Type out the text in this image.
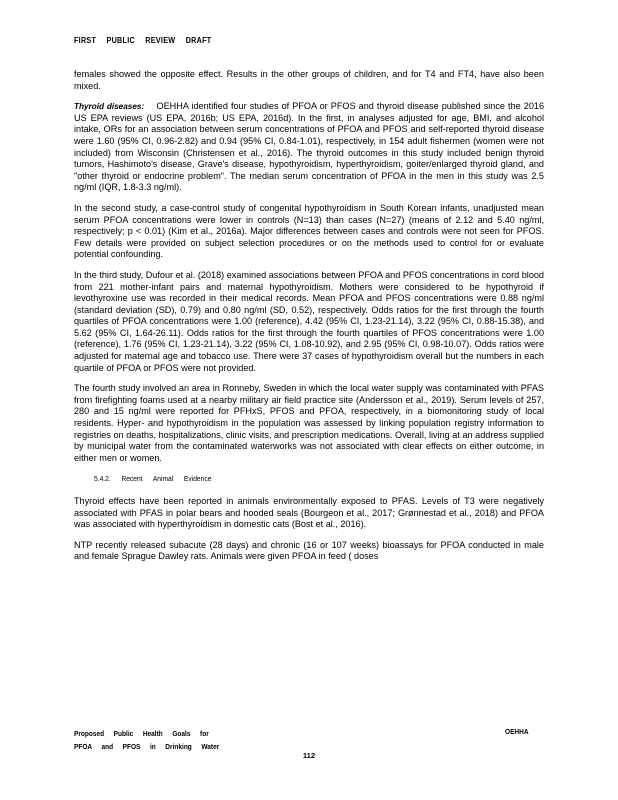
FIRST PUBLIC REVIEW DRAFT

females showed the opposite effect. Results in the other groups of children, and for T4 and FT4, have also been mixed.

Thyroid diseases: OEHHA identified four studies of PFOA or PFOS and thyroid disease published since the 2016 US EPA reviews (US EPA, 2016b; US EPA, 2016d). In the first, in analyses adjusted for age, BMI, and alcohol intake, ORs for an association between serum concentrations of PFOA and PFOS and self-reported thyroid disease were 1.60 (95% CI, 0.96-2.82) and 0.94 (95% CI, 0.84-1.01), respectively, in 154 adult fishermen (women were not included) from Wisconsin (Christensen et al., 2016). The thyroid outcomes in this study included benign thyroid tumors, Hashimoto's disease, Grave's disease, hypothyroidism, hyperthyroidism, goiter/enlarged thyroid gland, and "other thyroid or endocrine problem". The median serum concentration of PFOA in the men in this study was 2.5 ng/ml (IQR, 1.8-3.3 ng/ml).

In the second study, a case-control study of congenital hypothyroidism in South Korean infants, unadjusted mean serum PFOA concentrations were lower in controls (N=13) than cases (N=27) (means of 2.12 and 5.40 ng/ml, respectively; p < 0.01) (Kim et al., 2016a). Major differences between cases and controls were not seen for PFOS. Few details were provided on subject selection procedures or on the methods used to control for or evaluate potential confounding.

In the third study, Dufour et al. (2018) examined associations between PFOA and PFOS concentrations in cord blood from 221 mother-infant pairs and maternal hypothyroidism. Mothers were considered to be hypothyroid if levothyroxine use was recorded in their medical records. Mean PFOA and PFOS concentrations were 0.88 ng/ml (standard deviation (SD), 0.79) and 0.80 ng/ml (SD, 0.52), respectively. Odds ratios for the first through the fourth quartiles of PFOA concentrations were 1.00 (reference), 4.42 (95% CI, 1.23-21.14), 3.22 (95% CI, 0.88-15.38), and 5.62 (95% CI, 1.64-26.11). Odds ratios for the first through the fourth quartiles of PFOS concentrations were 1.00 (reference), 1.76 (95% CI, 1.23-21.14), 3.22 (95% CI, 1.08-10.92), and 2.95 (95% CI, 0.98-10.07). Odds ratios were adjusted for maternal age and tobacco use. There were 37 cases of hypothyroidism overall but the numbers in each quartile of PFOA or PFOS were not provided.

The fourth study involved an area in Ronneby, Sweden in which the local water supply was contaminated with PFAS from firefighting foams used at a nearby military air field practice site (Andersson et al., 2019). Serum levels of 257, 280 and 15 ng/ml were reported for PFHxS, PFOS and PFOA, respectively, in a biomonitoring study of local residents. Hyper- and hypothyroidism in the population was assessed by linking population registry information to registries on deaths, hospitalizations, clinic visits, and prescription medications. Overall, living at an address supplied by municipal water from the contaminated waterworks was not associated with clear effects on either outcome, in either men or women.

5.4.2. Recent Animal Evidence

Thyroid effects have been reported in animals environmentally exposed to PFAS. Levels of T3 were negatively associated with PFAS in polar bears and hooded seals (Bourgeon et al., 2017; Grønnestad et al., 2018) and PFOA was associated with hyperthyroidism in domestic cats (Bost et al., 2016).

NTP recently released subacute (28 days) and chronic (16 or 107 weeks) bioassays for PFOA conducted in male and female Sprague Dawley rats. Animals were given PFOA in feed ( doses

Proposed Public Health Goals for
PFOA and PFOS in Drinking Water
OEHHA
112
